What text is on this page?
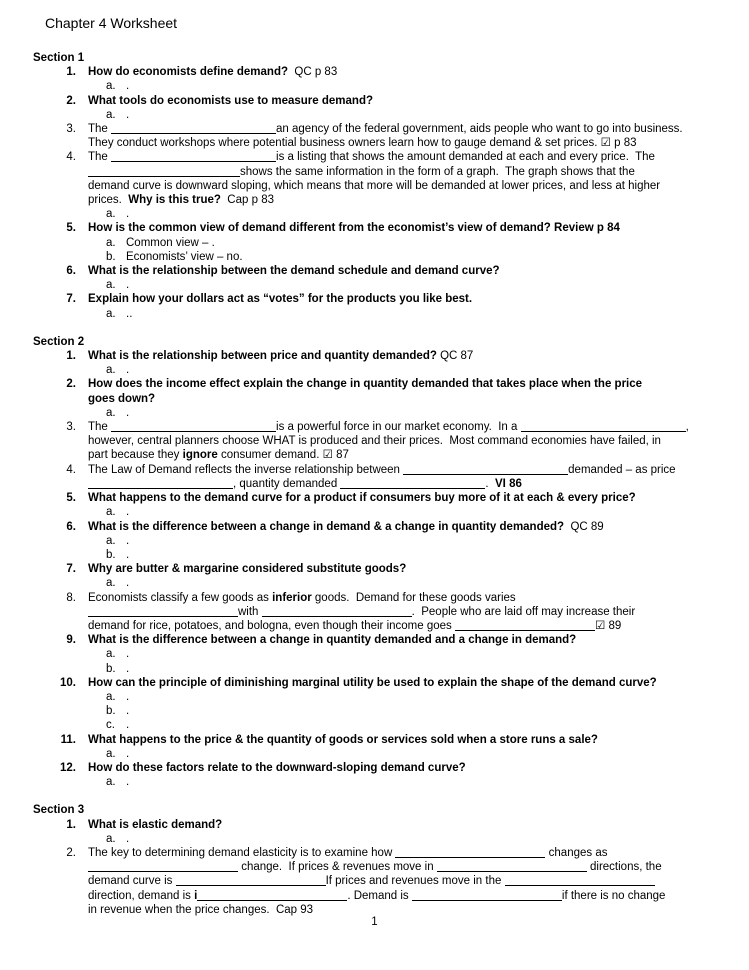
Chapter 4 Worksheet
Section 1
1.	How do economists define demand?  QC p 83
a. .
2.	What tools do economists use to measure demand?
a. .
3.	The	an agency of the federal government, aids people who want to go into business.
They conduct workshops where potential business owners learn how to gauge demand & set prices. ☑ p 83
4.	The	is a listing that shows the amount demanded at each and every price.  The
shows the same information in the form of a graph.  The graph shows that the
demand curve is downward sloping, which means that more will be demanded at lower prices, and less at higher
prices.  Why is this true?  Cap p 83
a. .
5.	How is the common view of demand different from the economist’s view of demand? Review p 84
a. Common view – .
b. Economists’ view – no.
6.	What is the relationship between the demand schedule and demand curve?
a. .
7.	Explain how your dollars act as “votes” for the products you like best.
a. ..
Section 2
1.	What is the relationship between price and quantity demanded? QC 87
a. .
2.	How does the income effect explain the change in quantity demanded that takes place when the price
goes down?
a. .
3.	The	is a powerful force in our market economy.  In a	,
however, central planners choose WHAT is produced and their prices.  Most command economies have failed, in
part because they ignore consumer demand. ☑ 87
4.	The Law of Demand reflects the inverse relationship between	demanded – as price
, quantity demanded	.  VI 86
5.	What happens to the demand curve for a product if consumers buy more of it at each & every price?
a. .
6.	What is the difference between a change in demand & a change in quantity demanded?  QC 89
a. .
b. .
7.	Why are butter & margarine considered substitute goods?
a. .
8.	Economists classify a few goods as inferior goods.  Demand for these goods varies
with	.  People who are laid off may increase their
demand for rice, potatoes, and bologna, even though their income goes	☑ 89
9.	What is the difference between a change in quantity demanded and a change in demand?
a. .
b. .
10.	How can the principle of diminishing marginal utility be used to explain the shape of the demand curve?
a. .
b. .
c. .
11.	What happens to the price & the quantity of goods or services sold when a store runs a sale?
a. .
12.	How do these factors relate to the downward-sloping demand curve?
a. .
Section 3
1.	What is elastic demand?
a. .
2.	The key to determining demand elasticity is to examine how	changes as
change.  If prices & revenues move in	directions, the
demand curve is	If prices and revenues move in the
direction, demand is i	. Demand is	if there is no change
in revenue when the price changes.  Cap 93
1
